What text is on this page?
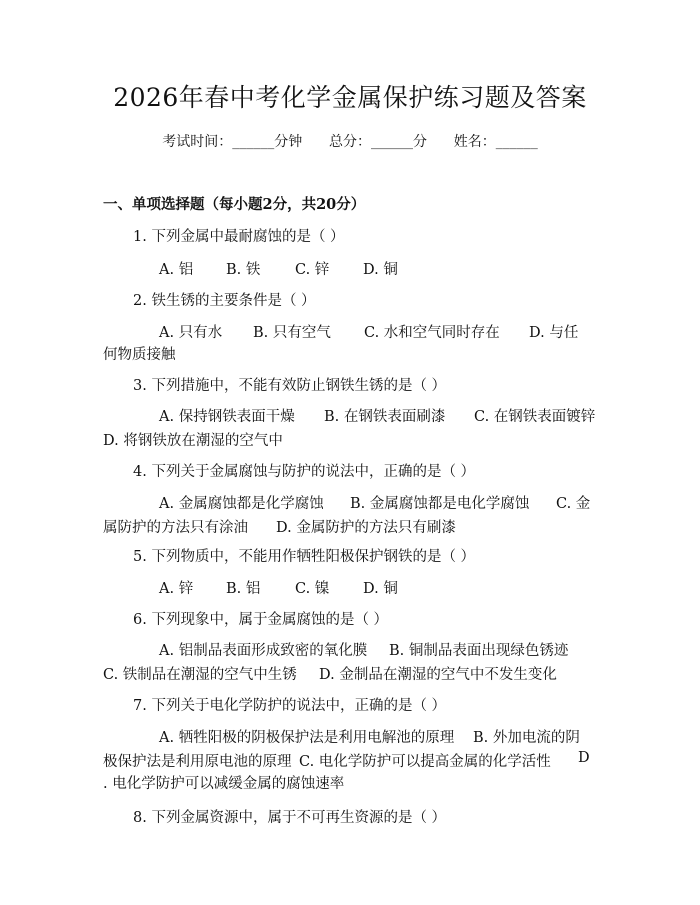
2026年春中考化学金属保护练习题及答案
考试时间：______分钟      总分：______分      姓名：______
一、单项选择题（每小题2分，共20分）
1. 下列金属中最耐腐蚀的是（ ）
A. 铝 B. 铁 C. 锌 D. 铜
2. 铁生锈的主要条件是（ ）
A. 只有水 B. 只有空气 C. 水和空气同时存在 D. 与任
3. 下列措施中，不能有效防止钢铁生锈的是（ ）
A. 保持钢铁表面干燥 B. 在钢铁表面刷漆 C. 在钢铁表面镀锌
D. 将钢铁放在潮湿的空气中
4. 下列关于金属腐蚀与防护的说法中，正确的是（ ）
A. 金属腐蚀都是化学腐蚀 B. 金属腐蚀都是电化学腐蚀 C. 金
D. 金属防护的方法只有刷漆
5. 下列物质中，不能用作牺牲阳极保护钢铁的是（ ）
A. 锌 B. 铝 C. 镍 D. 铜
6. 下列现象中，属于金属腐蚀的是（ ）
A. 铝制品表面形成致密的氧化膜 B. 铜制品表面出现绿色锈迹
C. 铁制品在潮湿的空气中生锈 D. 金制品在潮湿的空气中不发生变化
7. 下列关于电化学防护的说法中，正确的是（ ）
A. 牺牲阳极的阴极保护法是利用电解池的原理 B. 外加电流的阴
C. 电化学防护可以提高金属的化学活性 D
8. 下列金属资源中，属于不可再生资源的是（ ）
何物质接触
属防护的方法只有涂油
极保护法是利用原电池的原理
. 电化学防护可以减缓金属的腐蚀速率
